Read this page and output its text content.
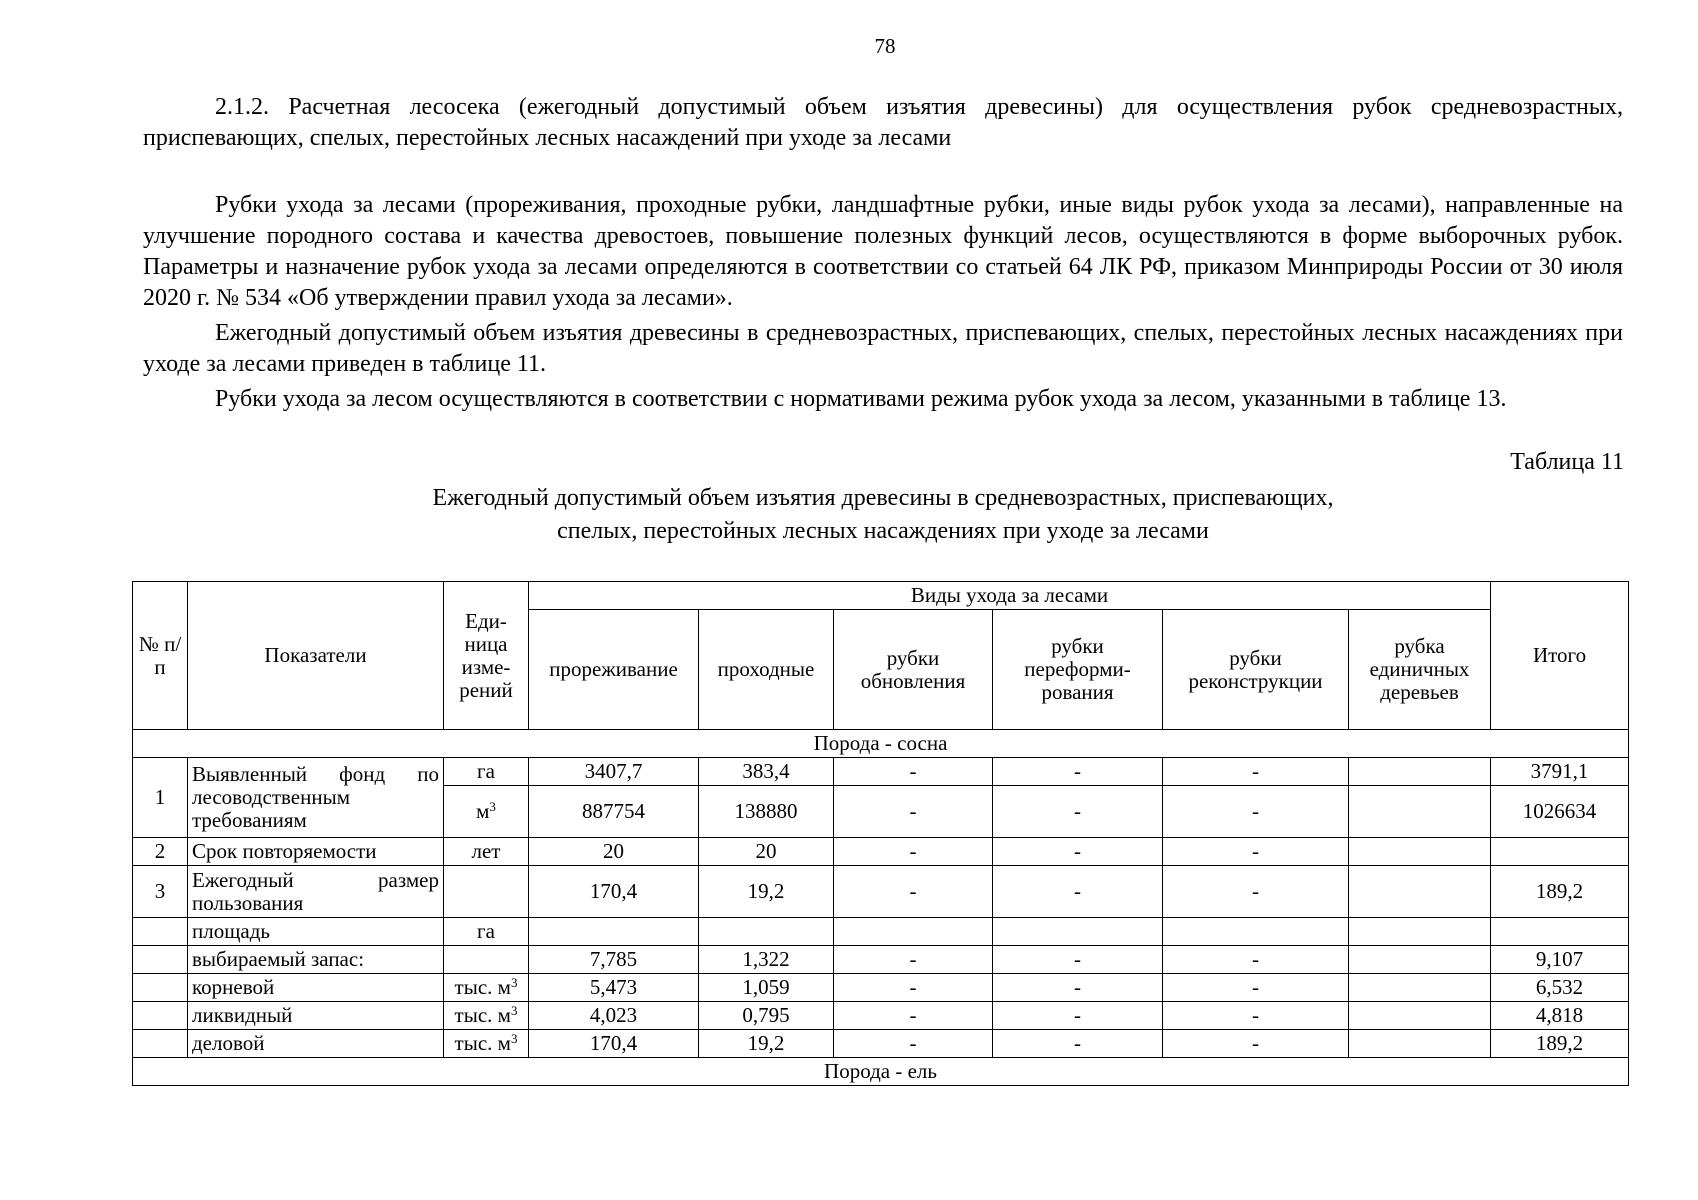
78
2.1.2. Расчетная лесосека (ежегодный допустимый объем изъятия древесины) для осуществления рубок средневозрастных, приспевающих, спелых, перестойных лесных насаждений при уходе за лесами

Рубки ухода за лесами (прореживания, проходные рубки, ландшафтные рубки, иные виды рубок ухода за лесами), направленные на улучшение породного состава и качества древостоев, повышение полезных функций лесов, осуществляются в форме выборочных рубок. Параметры и назначение рубок ухода за лесами определяются в соответствии со статьей 64 ЛК РФ, приказом Минприроды России от 30 июля 2020 г. № 534 «Об утверждении правил ухода за лесами».

Ежегодный допустимый объем изъятия древесины в средневозрастных, приспевающих, спелых, перестойных лесных насаждениях при уходе за лесами приведен в таблице 11.

Рубки ухода за лесом осуществляются в соответствии с нормативами режима рубок ухода за лесом, указанными в таблице 13.

Таблица 11
Ежегодный допустимый объем изъятия древесины в средневозрастных, приспевающих,
спелых, перестойных лесных насаждениях при уходе за лесами
№ п/ п	Показатели	Еди- ница изме- рений	Виды ухода за лесами						Итого
			прореживание	проходные	рубки обновления	рубки переформи- рования	рубки реконструкции	рубка единичных деревьев	
Порода - сосна									
1	Выявленный фонд по лесоводственным требованиям	га	3407,7	383,4	-	-	-		3791,1
		$м^3$	887754	138880	-	-	-		1026634
2	Срок повторяемости	лет	20	20	-	-	-		
3	Ежегодный размер пользования		170,4	19,2	-	-	-		189,2
	площадь	га							
	выбираемый запас:		7,785	1,322	-	-	-		9,107
	корневой	тыс. $м^3$	5,473	1,059	-	-	-		6,532
	ликвидный	тыс. $м^3$	4,023	0,795	-	-	-		4,818
	деловой	тыс. $м^3$	170,4	19,2	-	-	-		189,2
Порода - ель									
